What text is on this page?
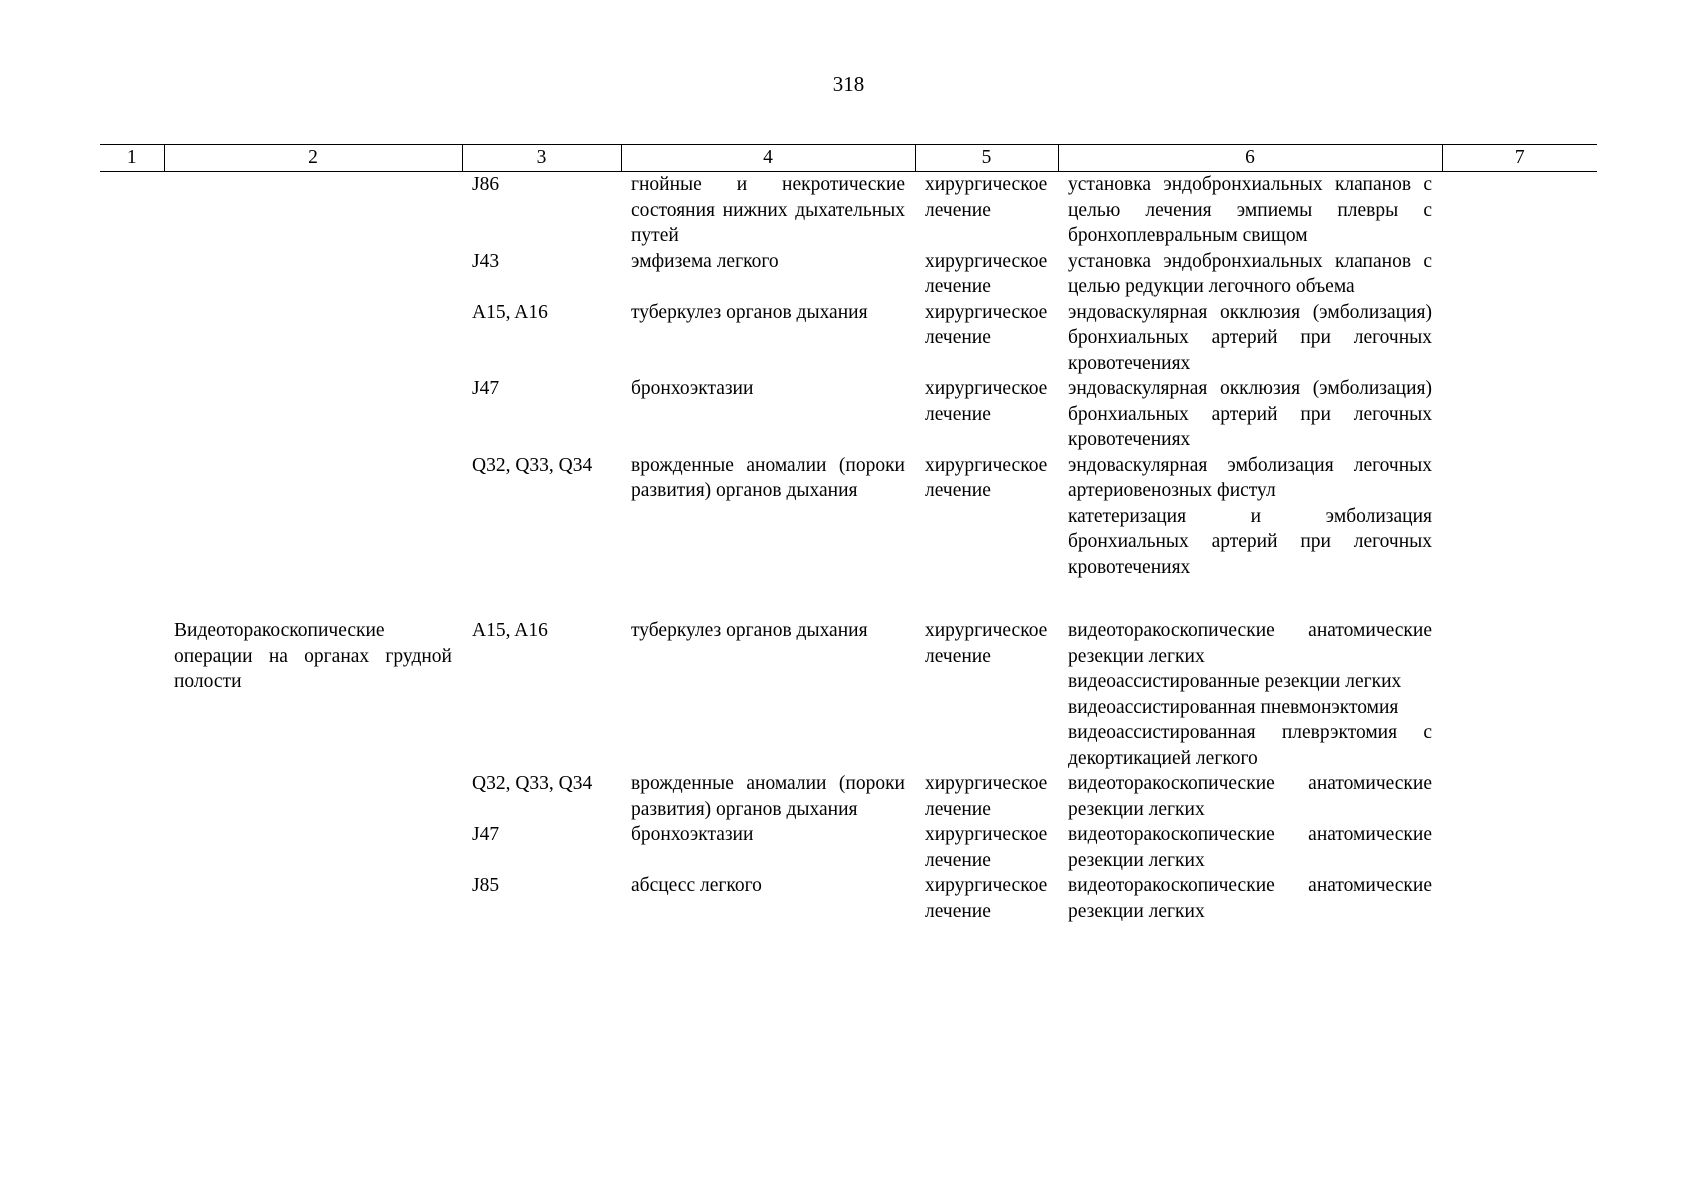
318
1	2	3	4	5	6	7
		J86	гнойные и некротические состояния нижних дыхательных путей	хирургическое лечение	установка эндобронхиальных клапанов с целью лечения эмпиемы плевры с бронхоплевральным свищом	

		J43	эмфизема легкого	хирургическое лечение	установка эндобронхиальных клапанов с целью редукции легочного объема	

		A15, A16	туберкулез органов дыхания	хирургическое лечение	эндоваскулярная окклюзия (эмболизация) бронхиальных артерий при легочных кровотечениях	

		J47	бронхоэктазии	хирургическое лечение	эндоваскулярная окклюзия (эмболизация) бронхиальных артерий при легочных кровотечениях	

		Q32, Q33, Q34	врожденные аномалии (пороки развития) органов дыхания	хирургическое лечение	эндоваскулярная эмболизация легочных артериовенозных фистул
катетеризация и эмболизация бронхиальных артерий при легочных кровотечениях	

	Видеоторакоскопические операции на органах грудной полости	A15, A16	туберкулез органов дыхания	хирургическое лечение	видеоторакоскопические анатомические резекции легких
видеоассистированные резекции легких
видеоассистированная пневмонэктомия
видеоассистированная плеврэктомия с декортикацией легкого	

		Q32, Q33, Q34	врожденные аномалии (пороки развития) органов дыхания	хирургическое лечение	видеоторакоскопические анатомические резекции легких	

		J47	бронхоэктазии	хирургическое лечение	видеоторакоскопические анатомические резекции легких	

		J85	абсцесс легкого	хирургическое лечение	видеоторакоскопические анатомические резекции легких	
